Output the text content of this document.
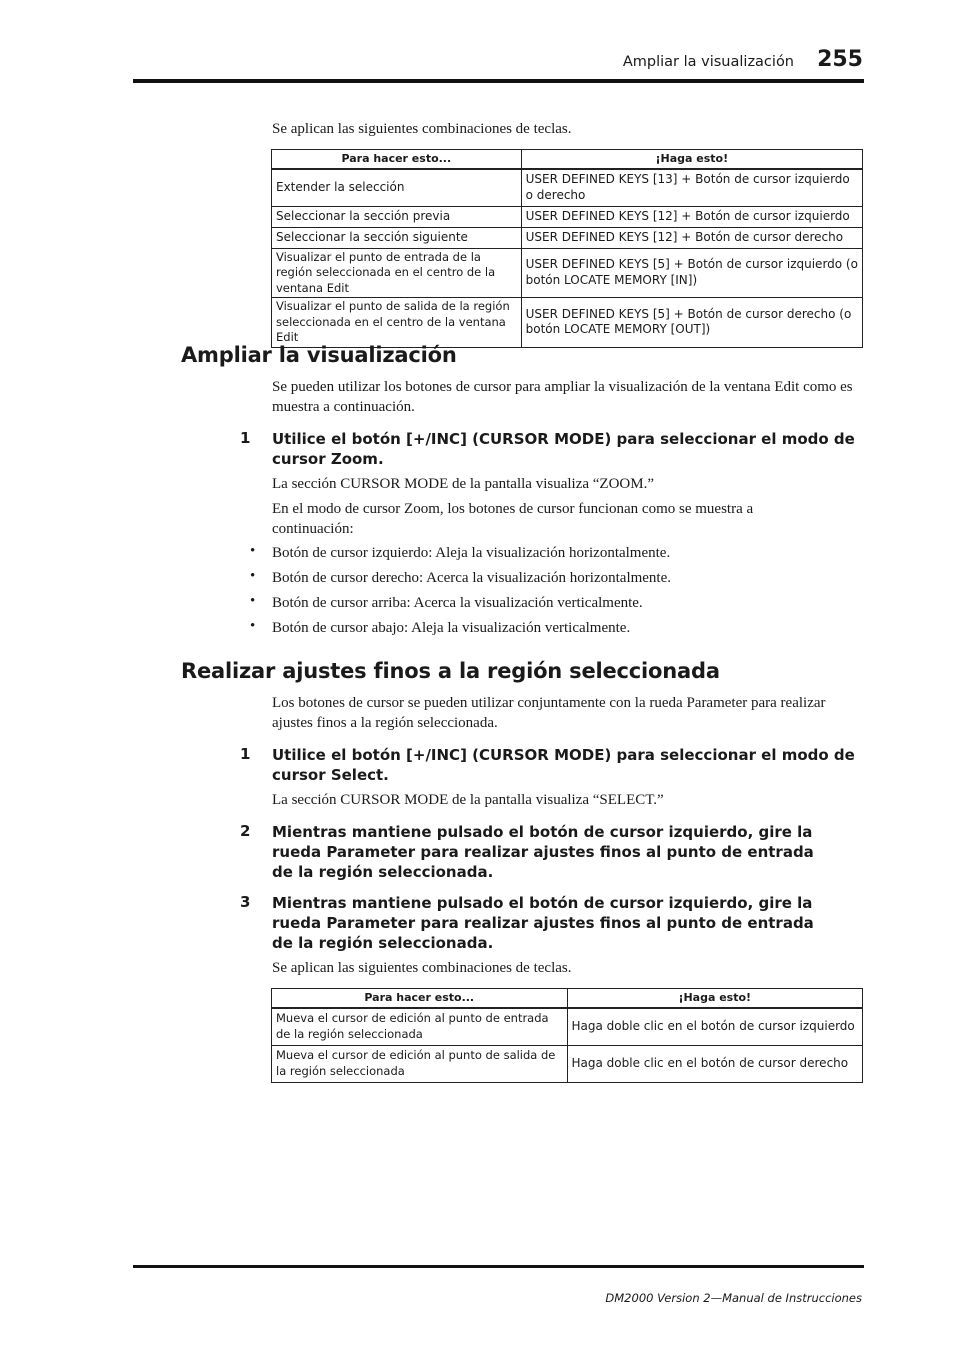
Ampliar la visualización 255
Se aplican las siguientes combinaciones de teclas.
Para hacer esto...	¡Haga esto!
Extender la selección	USER DEFINED KEYS [13] + Botón de cursor izquierdo o derecho
Seleccionar la sección previa	USER DEFINED KEYS [12] + Botón de cursor izquierdo
Seleccionar la sección siguiente	USER DEFINED KEYS [12] + Botón de cursor derecho
Visualizar el punto de entrada de la región seleccionada en el centro de la ventana Edit	USER DEFINED KEYS [5] + Botón de cursor izquierdo (o botón LOCATE MEMORY [IN])
Visualizar el punto de salida de la región seleccionada en el centro de la ventana Edit	USER DEFINED KEYS [5] + Botón de cursor derecho (o botón LOCATE MEMORY [OUT])
Ampliar la visualización
Se pueden utilizar los botones de cursor para ampliar la visualización de la ventana Edit como es muestra a continuación.
1 Utilice el botón [+/INC] (CURSOR MODE) para seleccionar el modo de cursor Zoom.
La sección CURSOR MODE de la pantalla visualiza “ZOOM.”
En el modo de cursor Zoom, los botones de cursor funcionan como se muestra a continuación:
• Botón de cursor izquierdo: Aleja la visualización horizontalmente.
• Botón de cursor derecho: Acerca la visualización horizontalmente.
• Botón de cursor arriba: Acerca la visualización verticalmente.
• Botón de cursor abajo: Aleja la visualización verticalmente.
Realizar ajustes finos a la región seleccionada
Los botones de cursor se pueden utilizar conjuntamente con la rueda Parameter para realizar ajustes finos a la región seleccionada.
1 Utilice el botón [+/INC] (CURSOR MODE) para seleccionar el modo de cursor Select.
La sección CURSOR MODE de la pantalla visualiza “SELECT.”
2 Mientras mantiene pulsado el botón de cursor izquierdo, gire la rueda Parameter para realizar ajustes finos al punto de entrada de la región seleccionada.
3 Mientras mantiene pulsado el botón de cursor izquierdo, gire la rueda Parameter para realizar ajustes finos al punto de entrada de la región seleccionada.
Se aplican las siguientes combinaciones de teclas.
Para hacer esto...	¡Haga esto!
Mueva el cursor de edición al punto de entrada de la región seleccionada	Haga doble clic en el botón de cursor izquierdo
Mueva el cursor de edición al punto de salida de la región seleccionada	Haga doble clic en el botón de cursor derecho
DM2000 Version 2—Manual de Instrucciones
